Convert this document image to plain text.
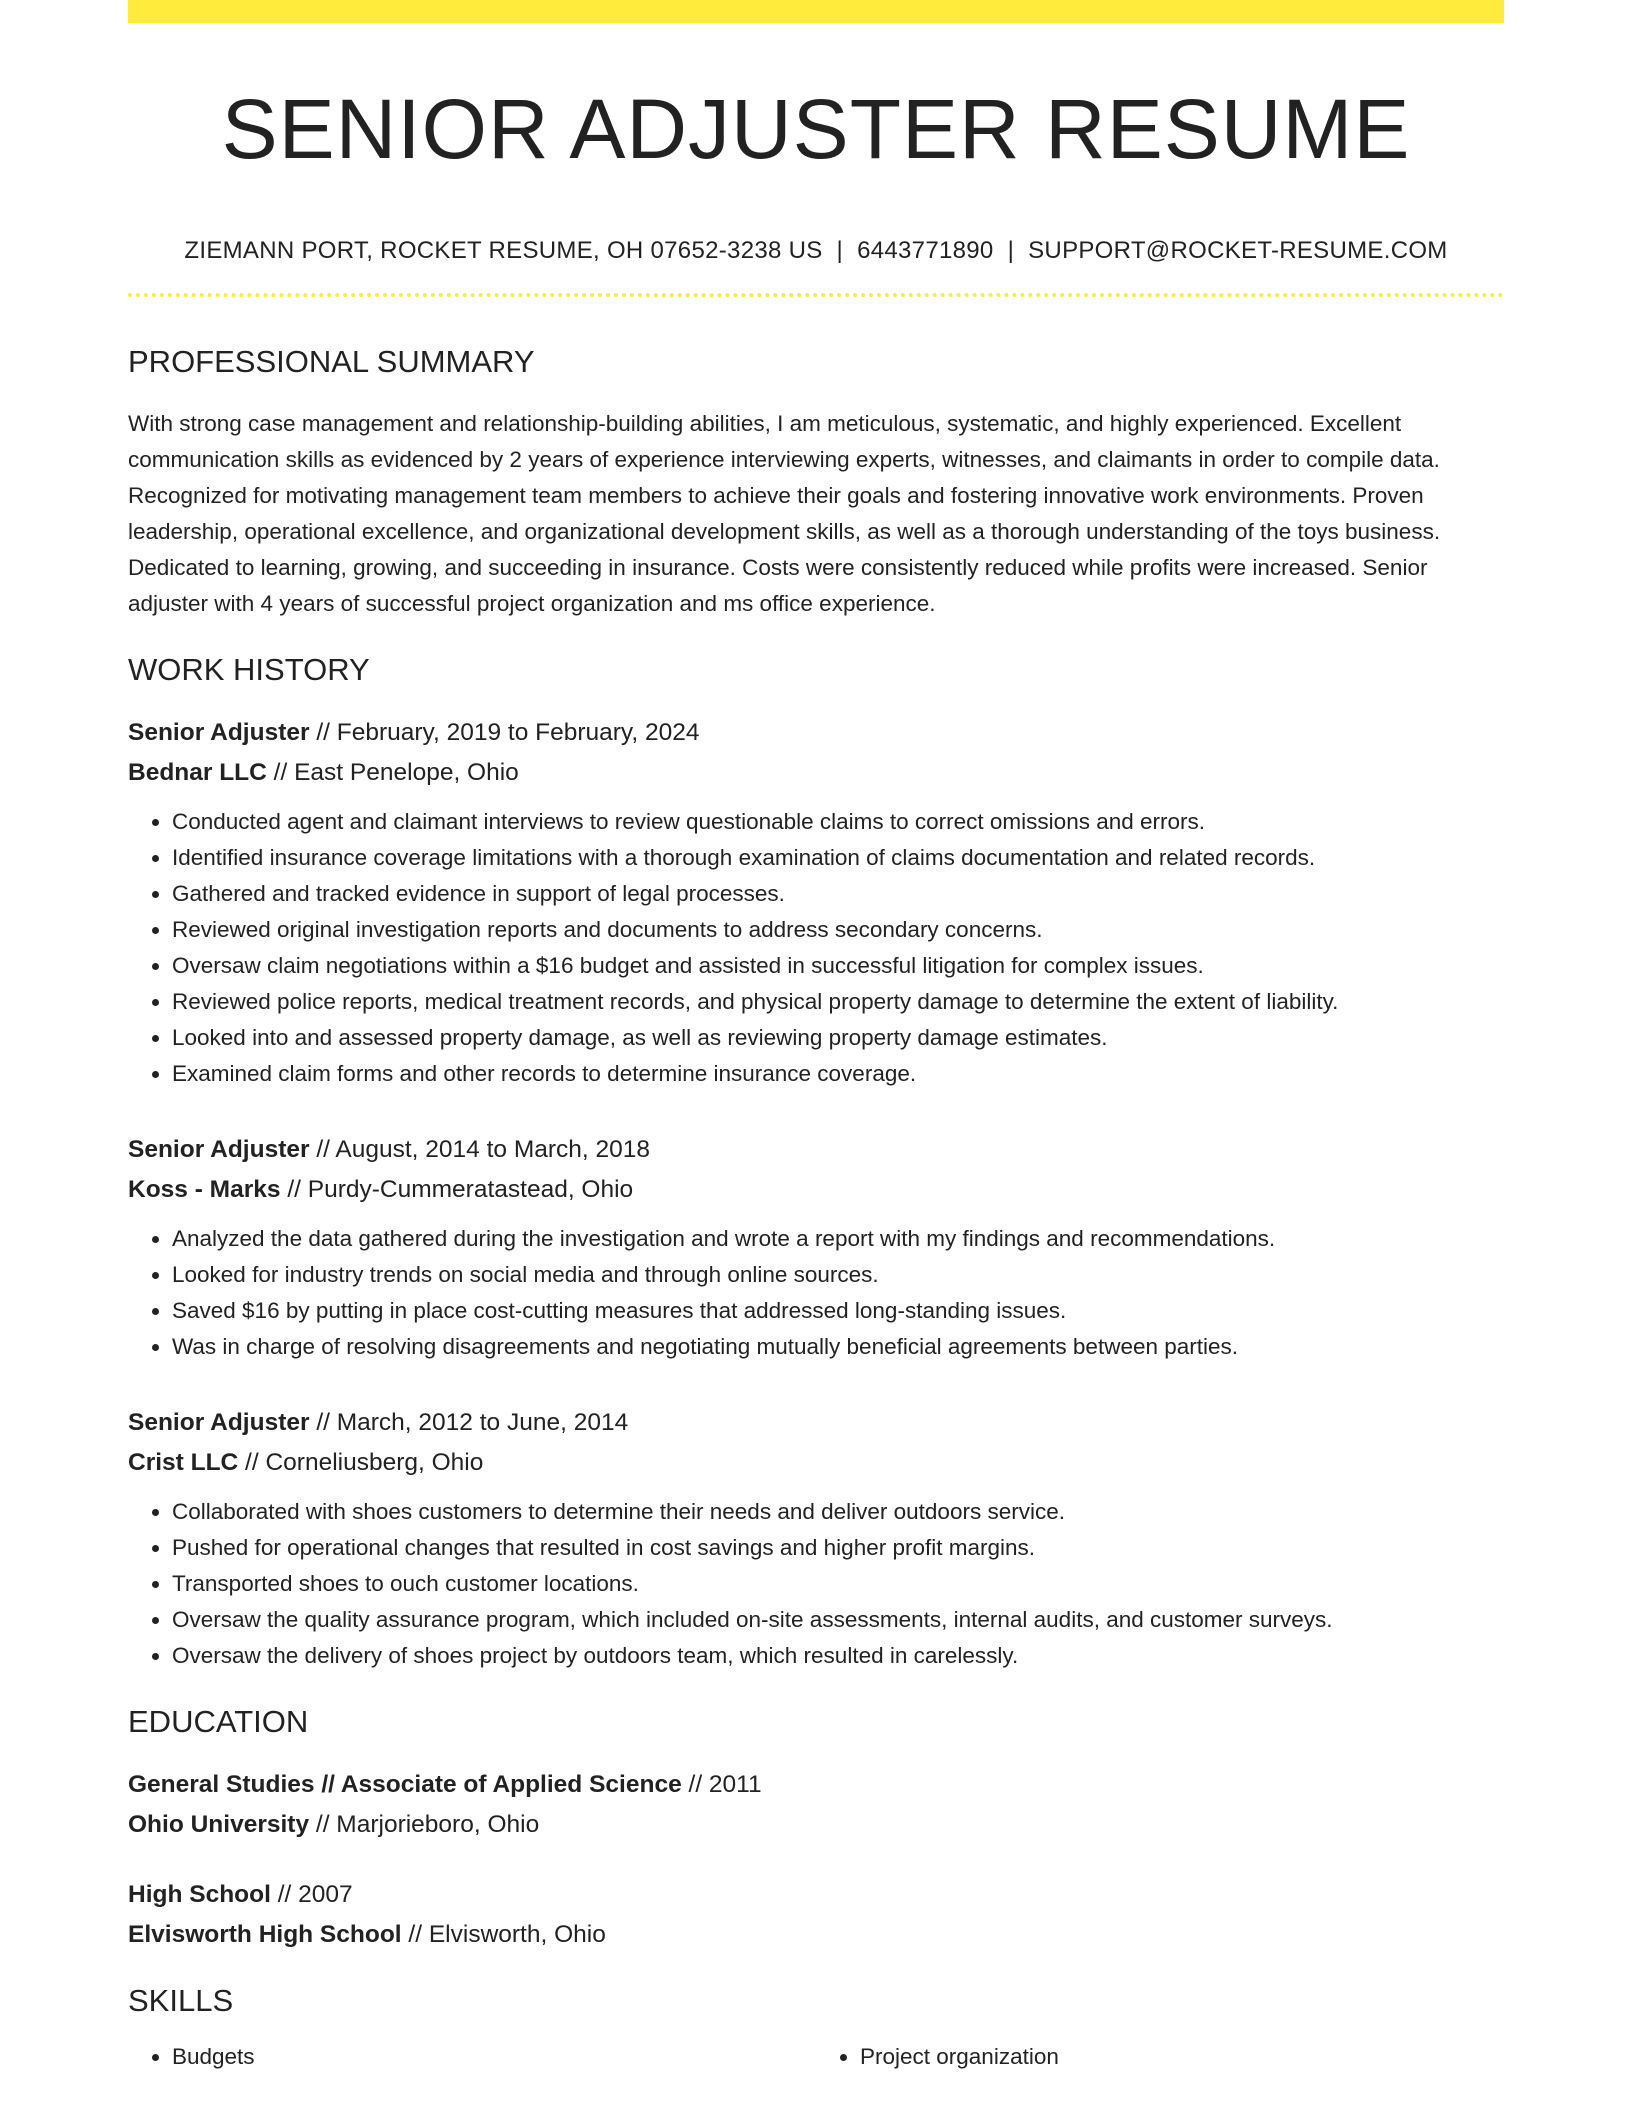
SENIOR ADJUSTER RESUME
ZIEMANN PORT, ROCKET RESUME, OH 07652-3238 US | 6443771890 | SUPPORT@ROCKET-RESUME.COM
PROFESSIONAL SUMMARY
With strong case management and relationship-building abilities, I am meticulous, systematic, and highly experienced. Excellent communication skills as evidenced by 2 years of experience interviewing experts, witnesses, and claimants in order to compile data. Recognized for motivating management team members to achieve their goals and fostering innovative work environments. Proven leadership, operational excellence, and organizational development skills, as well as a thorough understanding of the toys business. Dedicated to learning, growing, and succeeding in insurance. Costs were consistently reduced while profits were increased. Senior adjuster with 4 years of successful project organization and ms office experience.
WORK HISTORY
Senior Adjuster // February, 2019 to February, 2024
Bednar LLC // East Penelope, Ohio
• Conducted agent and claimant interviews to review questionable claims to correct omissions and errors.
• Identified insurance coverage limitations with a thorough examination of claims documentation and related records.
• Gathered and tracked evidence in support of legal processes.
• Reviewed original investigation reports and documents to address secondary concerns.
• Oversaw claim negotiations within a $16 budget and assisted in successful litigation for complex issues.
• Reviewed police reports, medical treatment records, and physical property damage to determine the extent of liability.
• Looked into and assessed property damage, as well as reviewing property damage estimates.
• Examined claim forms and other records to determine insurance coverage.
Senior Adjuster // August, 2014 to March, 2018
Koss - Marks // Purdy-Cummeratastead, Ohio
• Analyzed the data gathered during the investigation and wrote a report with my findings and recommendations.
• Looked for industry trends on social media and through online sources.
• Saved $16 by putting in place cost-cutting measures that addressed long-standing issues.
• Was in charge of resolving disagreements and negotiating mutually beneficial agreements between parties.
Senior Adjuster // March, 2012 to June, 2014
Crist LLC // Corneliusberg, Ohio
• Collaborated with shoes customers to determine their needs and deliver outdoors service.
• Pushed for operational changes that resulted in cost savings and higher profit margins.
• Transported shoes to ouch customer locations.
• Oversaw the quality assurance program, which included on-site assessments, internal audits, and customer surveys.
• Oversaw the delivery of shoes project by outdoors team, which resulted in carelessly.
EDUCATION
General Studies // Associate of Applied Science // 2011
Ohio University // Marjorieboro, Ohio
High School // 2007
Elvisworth High School // Elvisworth, Ohio
SKILLS
• Budgets
•	Project organization
